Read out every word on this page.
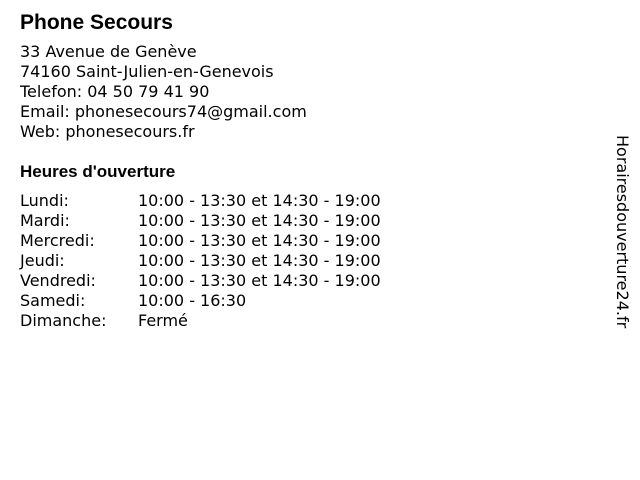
Phone Secours
33 Avenue de Genève
74160 Saint-Julien-en-Genevois
Telefon: 04 50 79 41 90
Email: phonesecours74@gmail.com
Web: phonesecours.fr
Heures d'ouverture
Lundi:	10:00 - 13:30 et 14:30 - 19:00
Mardi:	10:00 - 13:30 et 14:30 - 19:00
Mercredi:	10:00 - 13:30 et 14:30 - 19:00
Jeudi:	10:00 - 13:30 et 14:30 - 19:00
Vendredi:	10:00 - 13:30 et 14:30 - 19:00
Samedi:	10:00 - 16:30
Dimanche:	Fermé	Horairesdouverture24.fr
